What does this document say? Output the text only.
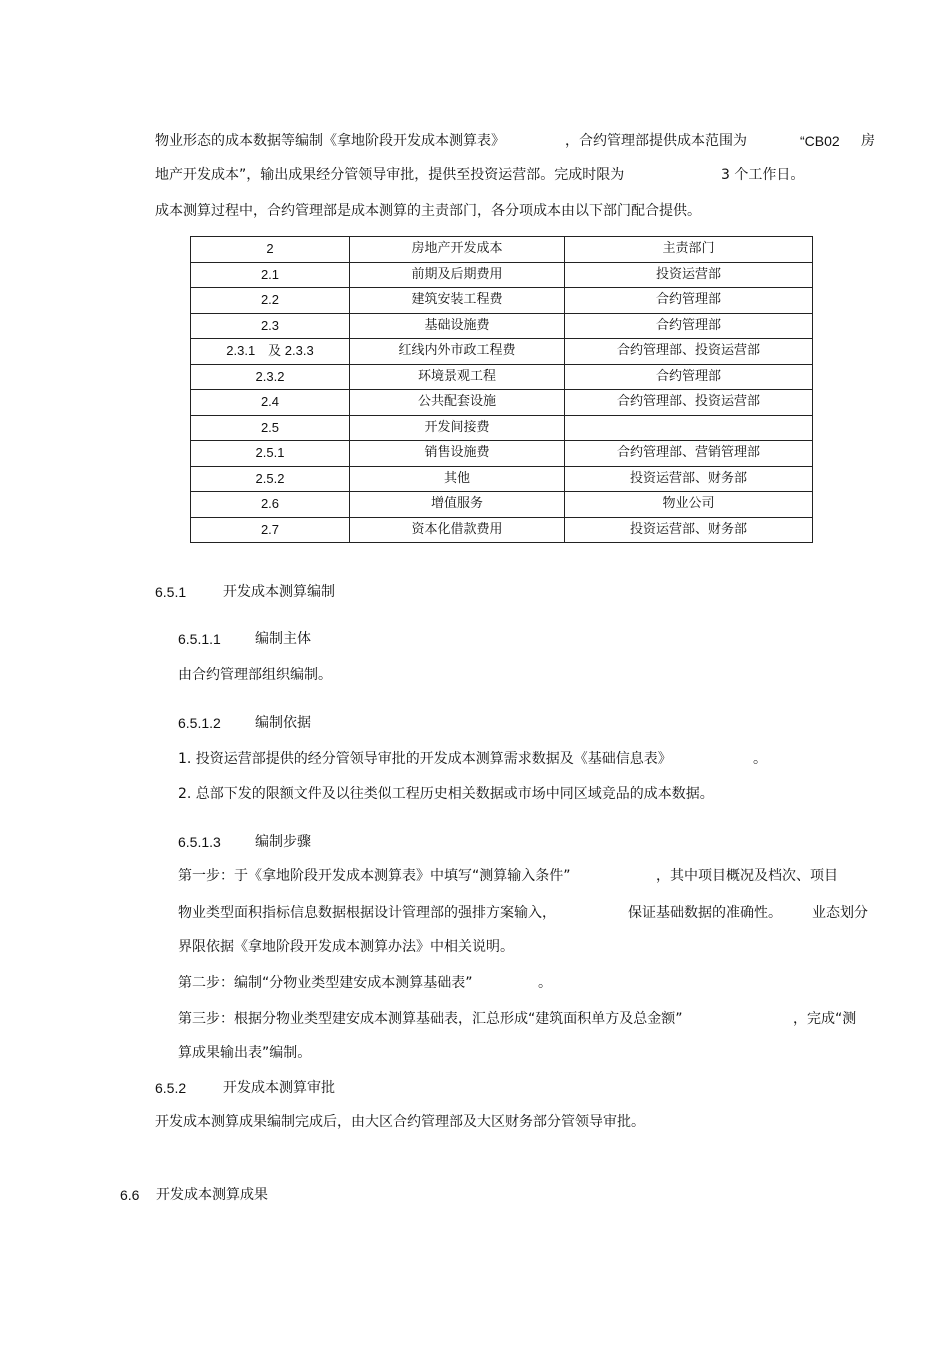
物业形态的成本数据等编制《拿地阶段开发成本测算表》	，合约管理部提供成本范围为	“CB02 房
地产开发成本”，输出成果经分管领导审批，提供至投资运营部。完成时限为	3 个工作日。
成本测算过程中，合约管理部是成本测算的主责部门，各分项成本由以下部门配合提供。
2	房地产开发成本	主责部门
2.1	前期及后期费用	投资运营部
2.2	建筑安装工程费	合约管理部
2.3	基础设施费	合约管理部
2.3.1　及 2.3.3	红线内外市政工程费	合约管理部、投资运营部
2.3.2	环境景观工程	合约管理部
2.4	公共配套设施	合约管理部、投资运营部
2.5	开发间接费	
2.5.1	销售设施费	合约管理部、营销管理部
2.5.2	其他	投资运营部、财务部
2.6	增值服务	物业公司
2.7	资本化借款费用	投资运营部、财务部
6.5.1	开发成本测算编制
6.5.1.1 编制主体
由合约管理部组织编制。
6.5.1.2 编制依据
1. 投资运营部提供的经分管领导审批的开发成本测算需求数据及《基础信息表》	。
2. 总部下发的限额文件及以往类似工程历史相关数据或市场中同区域竞品的成本数据。
6.5.1.3 编制步骤
第一步：于《拿地阶段开发成本测算表》中填写“测算输入条件”	，其中项目概况及档次、项目
物业类型面积指标信息数据根据设计管理部的强排方案输入，	保证基础数据的准确性。 业态划分
界限依据《拿地阶段开发成本测算办法》中相关说明。
第二步：编制“分物业类型建安成本测算基础表”	。
第三步：根据分物业类型建安成本测算基础表，汇总形成“建筑面积单方及总金额”	，完成“测
算成果输出表”编制。
6.5.2	开发成本测算审批
开发成本测算成果编制完成后，由大区合约管理部及大区财务部分管领导审批。
6.6 开发成本测算成果
